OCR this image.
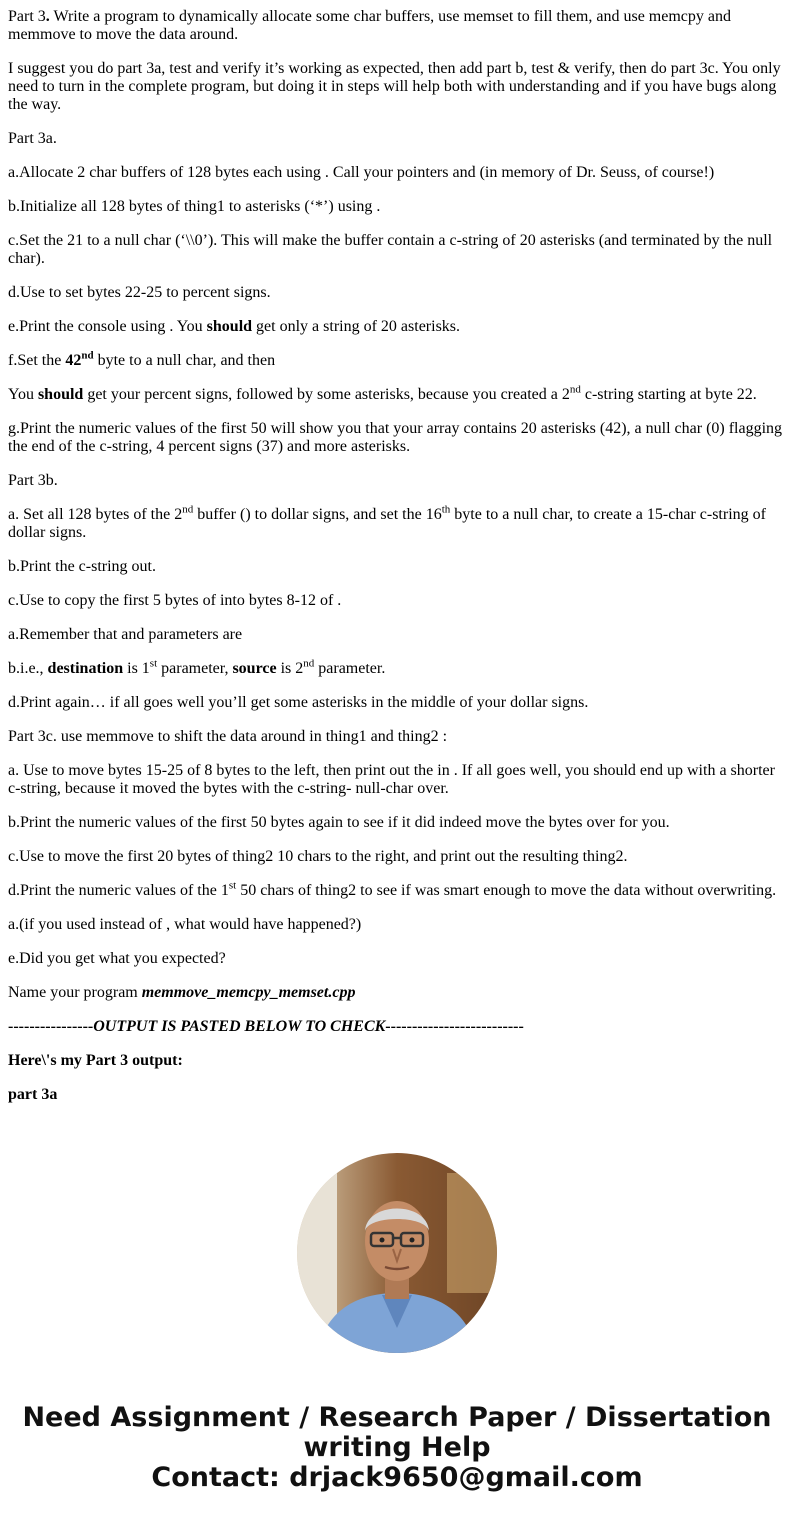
Part 3. Write a program to dynamically allocate some char buffers, use memset to fill them, and use memcpy and memmove to move the data around.

I suggest you do part 3a, test and verify it’s working as expected, then add part b, test & verify, then do part 3c. You only need to turn in the complete program, but doing it in steps will help both with understanding and if you have bugs along the way.

Part 3a.

a.Allocate 2 char buffers of 128 bytes each using . Call your pointers and (in memory of Dr. Seuss, of course!)

b.Initialize all 128 bytes of thing1 to asterisks (‘*’) using .

c.Set the 21 to a null char (‘\\0’). This will make the buffer contain a c-string of 20 asterisks (and terminated by the null char).

d.Use to set bytes 22-25 to percent signs.

e.Print the console using . You should get only a string of 20 asterisks.

f.Set the 42nd byte to a null char, and then

You should get your percent signs, followed by some asterisks, because you created a 2nd c-string starting at byte 22.

g.Print the numeric values of the first 50 will show you that your array contains 20 asterisks (42), a null char (0) flagging the end of the c-string, 4 percent signs (37) and more asterisks.

Part 3b.

a. Set all 128 bytes of the 2nd buffer () to dollar signs, and set the 16th byte to a null char, to create a 15-char c-string of dollar signs.

b.Print the c-string out.

c.Use to copy the first 5 bytes of into bytes 8-12 of .

a.Remember that and parameters are

b.i.e., destination is 1st parameter, source is 2nd parameter.

d.Print again… if all goes well you’ll get some asterisks in the middle of your dollar signs.

Part 3c. use memmove to shift the data around in thing1 and thing2 :

a. Use to move bytes 15-25 of 8 bytes to the left, then print out the in . If all goes well, you should end up with a shorter c-string, because it moved the bytes with the c-string- null-char over.

b.Print the numeric values of the first 50 bytes again to see if it did indeed move the bytes over for you.

c.Use to move the first 20 bytes of thing2 10 chars to the right, and print out the resulting thing2.

d.Print the numeric values of the 1st 50 chars of thing2 to see if was smart enough to move the data without overwriting.

a.(if you used instead of , what would have happened?)

e.Did you get what you expected?

Name your program memmove_memcpy_memset.cpp

----------------OUTPUT IS PASTED BELOW TO CHECK--------------------------

Here\'s my Part 3 output:

part 3a

Need Assignment / Research Paper / Dissertation
writing Help
Contact: drjack9650@gmail.com
